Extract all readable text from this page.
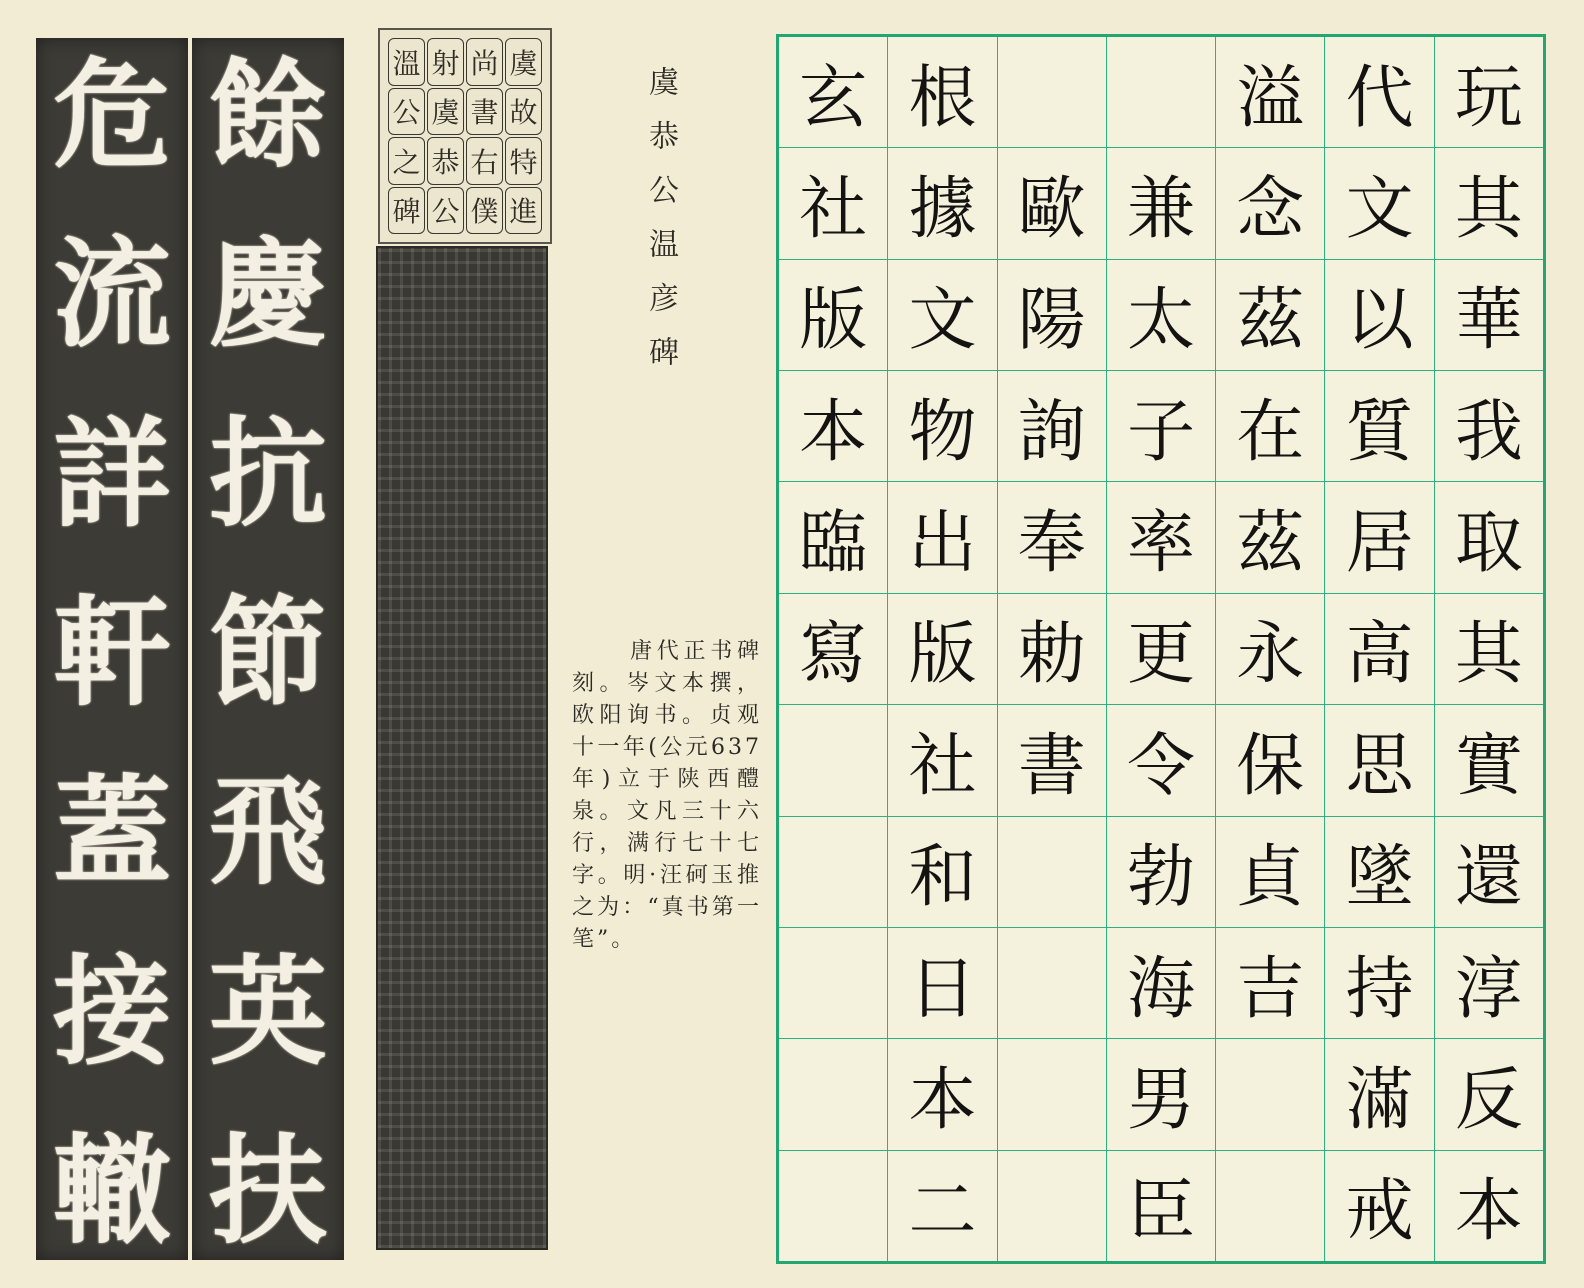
危
流
詳
軒
蓋
接
轍
餘
慶
抗
節
飛
英
扶
溫 射 尚 虞
公 虞 書 故
之 恭 右 特
碑 公 僕 進	虞恭公温彦碑
唐代正书碑刻。岑文本撰，欧阳询书。贞观十一年(公元637年)立于陕西醴泉。文凡三十六行，满行七十七字。明·汪砢玉推之为：“真书第一笔”。
玩
其
華
我
取
其
實
還
淳
反
本
代
文
以
質
居
高
思
墜
持
滿
戒
溢
念
茲
在
茲
永
保
貞
吉
兼
太
子
率
更
令
勃
海
男
臣
歐
陽
詢
奉
勅
書
根
據
文
物
出
版
社
和
日
本
二
玄
社
版
本
臨
寫
